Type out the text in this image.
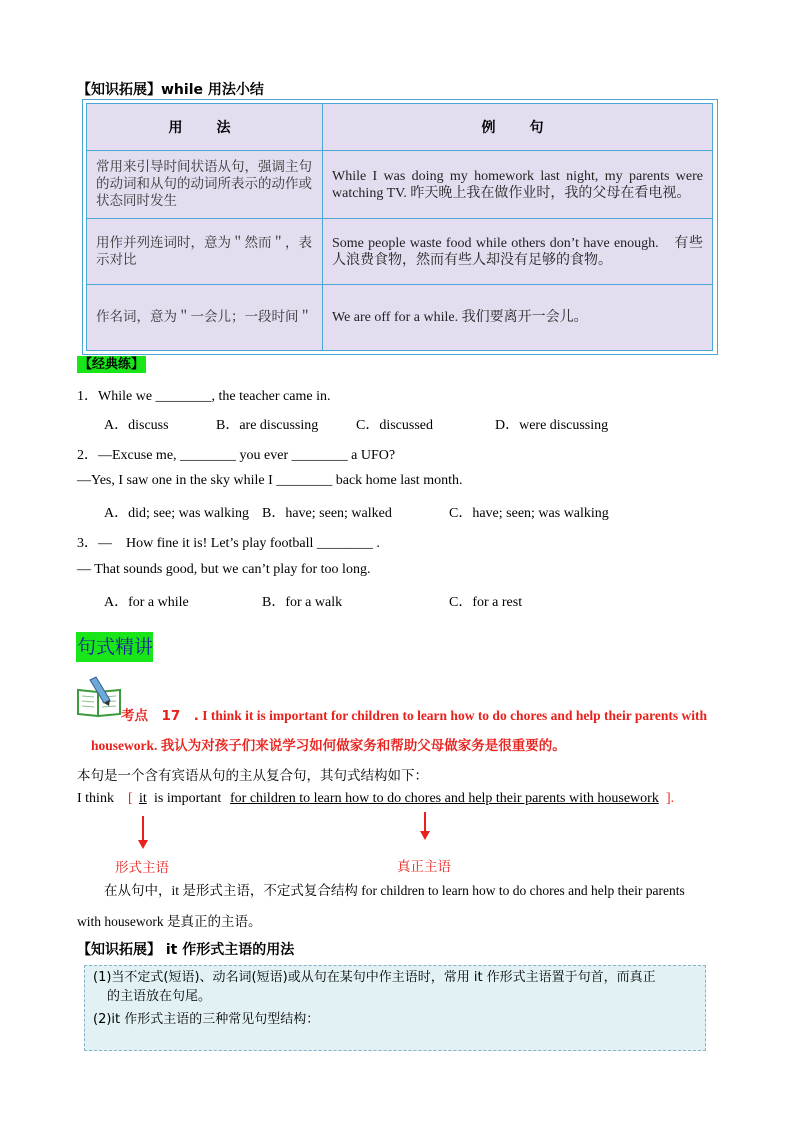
【知识拓展】while 用法小结
用　法	例　句
常用来引导时间状语从句，强调主句的动词和从句的动词所表示的动作或状态同时发生	While I was doing my homework last night, my parents were watching TV. 昨天晚上我在做作业时，我的父母在看电视。
用作并列连词时，意为＂然而＂，表示对比	Some people waste food while others don’t have enough.　有些人浪费食物，然而有些人却没有足够的食物。
作名词，意为＂一会儿；一段时间＂	We are off for a while. 我们要离开一会儿。
【经典练】
1．While we ________, the teacher came in.
A．discuss	B．are discussing	C．discussed	D．were discussing
2．—Excuse me, ________ you ever ________ a UFO?
—Yes, I saw one in the sky while I ________ back home last month.
A．did; see; was walking B．have; seen; walked	C．have; seen; was walking
3．—　How fine it is! Let’s play football ________ .
— That sounds good, but we can’t play for too long.
A．for a while	B．for a walk	C．for a rest
句式精讲
考点　17　. I think it is important for children to learn how to do chores and help their parents with
housework. 我认为对孩子们来说学习如何做家务和帮助父母做家务是很重要的。
本句是一个含有宾语从句的主从复合句，其句式结构如下：
I think [ it is important for children to learn how to do chores and help their parents with housework ].
形式主语	真正主语
在从句中，it 是形式主语，不定式复合结构 for children to learn how to do chores and help their parents
with housework 是真正的主语。
【知识拓展】 it 作形式主语的用法

(1)当不定式(短语)、动名词(短语)或从句在某句中作主语时，常用 it 作形式主语置于句首，而真正

的主语放在句尾。

(2)it 作形式主语的三种常见句型结构：
